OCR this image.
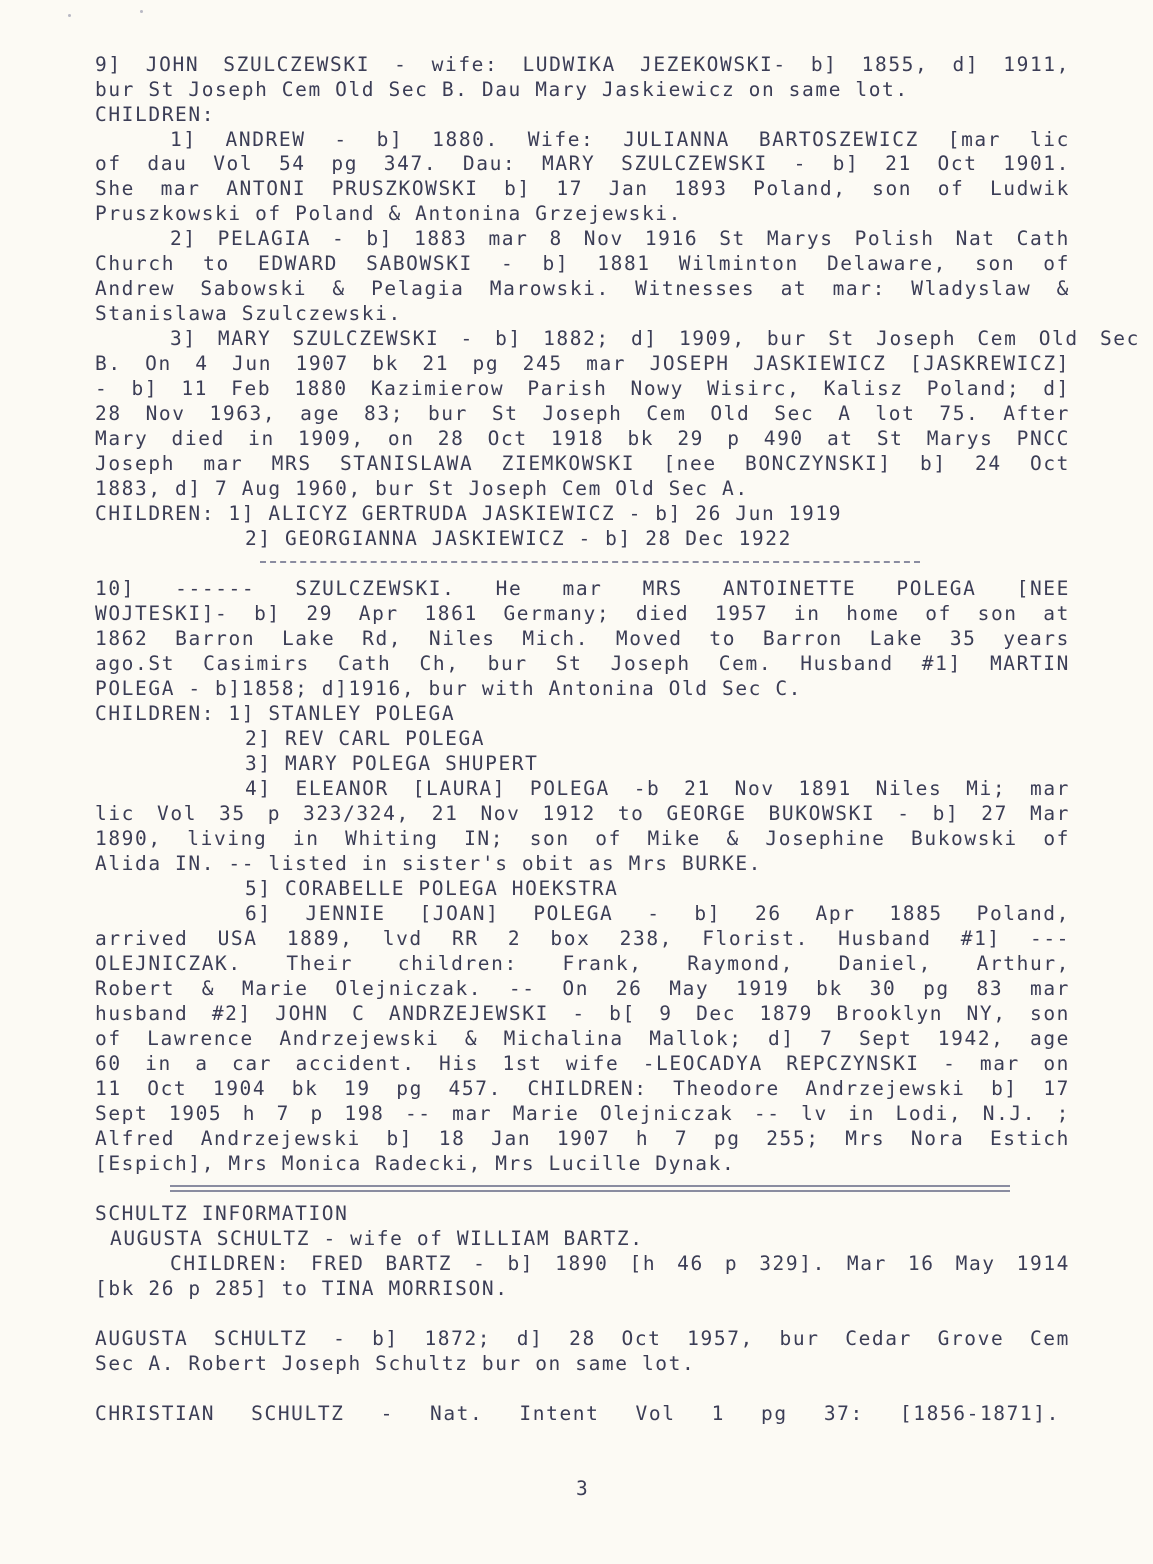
9] JOHN SZULCZEWSKI - wife: LUDWIKA JEZEKOWSKI- b] 1855, d] 1911,
bur St Joseph Cem Old Sec B. Dau Mary Jaskiewicz on same lot.
CHILDREN:
1] ANDREW - b] 1880. Wife: JULIANNA BARTOSZEWICZ [mar lic
of dau Vol 54 pg 347. Dau: MARY SZULCZEWSKI - b] 21 Oct 1901.
She mar ANTONI PRUSZKOWSKI b] 17 Jan 1893 Poland, son of Ludwik
Pruszkowski of Poland & Antonina Grzejewski.
2] PELAGIA - b] 1883 mar 8 Nov 1916 St Marys Polish Nat Cath
Church to EDWARD SABOWSKI - b] 1881 Wilminton Delaware, son of
Andrew Sabowski & Pelagia Marowski. Witnesses at mar: Wladyslaw &
Stanislawa Szulczewski.
3] MARY SZULCZEWSKI - b] 1882; d] 1909, bur St Joseph Cem Old Sec
B. On 4 Jun 1907 bk 21 pg 245 mar JOSEPH JASKIEWICZ [JASKREWICZ]
- b] 11 Feb 1880 Kazimierow Parish Nowy Wisirc, Kalisz Poland; d]
28 Nov 1963, age 83; bur St Joseph Cem Old Sec A lot 75. After
Mary died in 1909, on 28 Oct 1918 bk 29 p 490 at St Marys PNCC
Joseph mar MRS STANISLAWA ZIEMKOWSKI [nee BONCZYNSKI] b] 24 Oct
1883, d] 7 Aug 1960, bur St Joseph Cem Old Sec A.
CHILDREN: 1] ALICYZ GERTRUDA JASKIEWICZ - b] 26 Jun 1919
2] GEORGIANNA JASKIEWICZ - b] 28 Dec 1922
10] ------ SZULCZEWSKI. He mar MRS ANTOINETTE POLEGA [NEE
WOJTESKI]- b] 29 Apr 1861 Germany; died 1957 in home of son at
1862 Barron Lake Rd, Niles Mich. Moved to Barron Lake 35 years
ago.St Casimirs Cath Ch, bur St Joseph Cem. Husband #1] MARTIN
POLEGA - b]1858; d]1916, bur with Antonina Old Sec C.
CHILDREN: 1] STANLEY POLEGA
2] REV CARL POLEGA
3] MARY POLEGA SHUPERT
4] ELEANOR [LAURA] POLEGA -b 21 Nov 1891 Niles Mi; mar
lic Vol 35 p 323/324, 21 Nov 1912 to GEORGE BUKOWSKI - b] 27 Mar
1890, living in Whiting IN; son of Mike & Josephine Bukowski of
Alida IN. -- listed in sister's obit as Mrs BURKE.
5] CORABELLE POLEGA HOEKSTRA
6] JENNIE [JOAN] POLEGA - b] 26 Apr 1885 Poland,
arrived USA 1889, lvd RR 2 box 238, Florist. Husband #1] ---
OLEJNICZAK. Their children: Frank, Raymond, Daniel, Arthur,
Robert & Marie Olejniczak. -- On 26 May 1919 bk 30 pg 83 mar
husband #2] JOHN C ANDRZEJEWSKI - b[ 9 Dec 1879 Brooklyn NY, son
of Lawrence Andrzejewski & Michalina Mallok; d] 7 Sept 1942, age
60 in a car accident. His 1st wife -LEOCADYA REPCZYNSKI - mar on
11 Oct 1904 bk 19 pg 457. CHILDREN: Theodore Andrzejewski b] 17
Sept 1905 h 7 p 198 -- mar Marie Olejniczak -- lv in Lodi, N.J. ;
Alfred Andrzejewski b] 18 Jan 1907 h 7 pg 255; Mrs Nora Estich
[Espich], Mrs Monica Radecki, Mrs Lucille Dynak.
SCHULTZ INFORMATION
AUGUSTA SCHULTZ - wife of WILLIAM BARTZ.
CHILDREN: FRED BARTZ - b] 1890 [h 46 p 329]. Mar 16 May 1914
[bk 26 p 285] to TINA MORRISON.
AUGUSTA SCHULTZ - b] 1872; d] 28 Oct 1957, bur Cedar Grove Cem
Sec A. Robert Joseph Schultz bur on same lot.
CHRISTIAN SCHULTZ - Nat. Intent Vol 1 pg 37: [1856-1871].
3
